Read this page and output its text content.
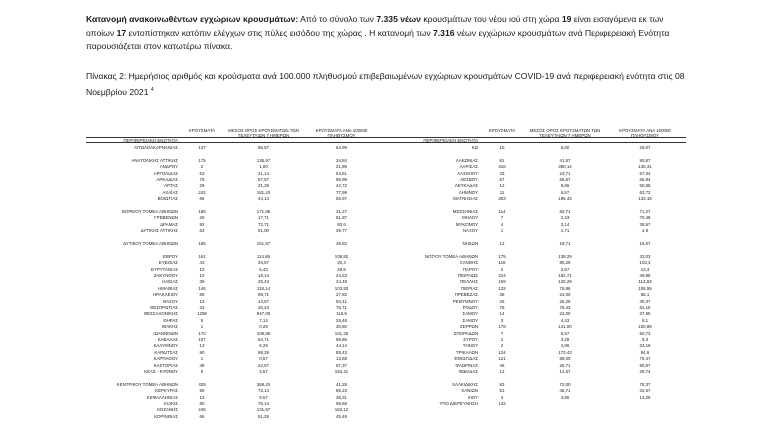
Κατανομή ανακοινωθέντων εγχώριων κρουσμάτων: Από το σύνολο των 7.335 νέων κρουσμάτων του νέου ιού στη χώρα 19 είναι εισαγόμενα εκ των οποίων 17 εντοπίστηκαν κατόπιν ελέγχων στις πύλες εισόδου της χώρας . Η κατανομή των 7.316 νέων εγχώριων κρουσμάτων ανά Περιφερειακή Ενότητα παρουσιάζεται στον κατωτέρω πίνακα.
Πίνακας 2: Ημερήσιος αριθμός και κρούσματα ανά 100.000 πληθυσμού επιβεβαιωμένων εγχώριων κρουσμάτων COVID-19 ανά περιφερειακή ενότητα στις 08 Νοεμβρίου 2021 $^4$
ΠΕΡΙΦΕΡΕΙΑΚΗ ΕΝΟΤΗΤΑ
ΚΡΟΥΣΜΑΤΑ	ΜΕΣΟΣ ΟΡΟΣ ΚΡΟΥΣΜΑΤΩΝ ΤΩΝ ΤΕΛΕΥΤΑΙΩΝ 7 ΗΜΕΡΩΝ
ΚΡΟΥΣΜΑΤΑ ΑΝΑ 100000 ΠΛΗΘΥΣΜΟΥ
ΠΕΡΙΦΕΡΕΙΑΚΗ ΕΝΟΤΗΤΑ
ΚΡΟΥΣΜΑΤΑ	ΜΕΣΟΣ ΟΡΟΣ ΚΡΟΥΣΜΑΤΩΝ ΤΩΝ ΤΕΛΕΥΤΑΙΩΝ 7 ΗΜΕΡΩΝ
ΚΡΟΥΣΜΑΤΑ ΑΝΑ 100000 ΠΛΗΘΥΣΜΟΥ
ΑΙΤΩΛΟΑΚΑΡΝΑΝΙΑΣ	137	96,57	64,99
ΑΝΑΤΟΛΙΚΗΣ ΑΤΤΙΚΗΣ	175	136,57	34,84
ΑΝΔΡΟΥ	2	1,00	21,89
ΑΡΓΟΛΙΔΑΣ	53	41,14	54,61
ΑΡΚΑΔΙΑΣ	78	57,57	89,98
ΑΡΤΑΣ	29	21,29	42,72
ΑΧΑΪΑΣ	242	181,43	77,99
ΒΟΙΩΤΙΑΣ	66	44,14	55,97
ΒΟΡΕΙΟΥ ΤΟΜΕΑ ΑΘΗΝΩΝ	189	171,86	31,27
ΓΡΕΒΕΝΩΝ	26	17,71	81,87
ΔΡΑΜΑΣ	92	72,71	93,6
ΔΥΤΙΚΗΣ ΑΤΤΙΚΗΣ	64	51,00	39,77
ΔΥΤΙΚΟΥ ΤΟΜΕΑ ΑΘΗΝΩΝ	195	161,57	39,82
ΕΒΡΟΥ	161	114,86	108,82
ΕΥΒΟΙΑΣ	43	34,57	20,4
ΕΥΡΥΤΑΝΙΑΣ	10	5,43	49,6
ΖΑΚΥΝΘΟΥ	10	18,14	24,53
ΗΛΕΙΑΣ	39	25,43	24,48
ΗΜΑΘΙΑΣ	146	118,14	103,83
ΗΡΑΚΛΕΙΟΥ	85	89,71	27,82
ΘΑΣΟΥ	13	13,57	94,41
ΘΕΣΠΡΩΤΙΑΣ	33	20,43	75,71
ΘΕΣΣΑΛΟΝΙΚΗΣ	1298	947,00	116,9
ΘΗΡΑΣ	5	7,14	28,48
ΙΘΑΚΗΣ	1	0,29	30,80
ΙΩΑΝΝΙΝΩΝ	170	108,86	101,25
ΚΑΒΑΛΑΣ	107	64,71	89,86
ΚΑΛΥΜΝΟΥ	13	6,29	44,14
ΚΑΡΔΙΤΣΑΣ	90	98,29	85,43
ΚΑΡΠΑΘΟΥ	1	0,57	13,68
ΚΑΣΤΟΡΙΑΣ	49	22,57	97,37
ΚΕΑΣ - ΚΥΘΝΟΥ	6	3,57	153,41
ΚΕΝΤΡΙΚΟΥ ΤΟΜΕΑ ΑΘΗΝΩΝ	425	368,43	41,28
ΚΕΡΚΥΡΑΣ	90	72,14	86,23
ΚΕΦΑΛΛΗΝΙΑΣ	13	9,57	36,31
ΚΙΛΚΙΣ	80	76,14	99,68
ΚΟΖΑΝΗΣ	245	131,57	163,12
ΚΟΡΙΝΘΙΑΣ	66	51,29	45,49
ΚΩ	10	6,00	29,07
ΛΑΚΩΝΙΑΣ	81	41,57	90,87
ΛΑΡΙΣΑΣ	416	380,14	146,31
ΛΑΣΙΘΙΟΥ	43	23,71	57,04
ΛΕΣΒΟΥ	57	68,57	65,94
ΛΕΥΚΑΔΑΣ	12	8,86	50,65
ΛΗΜΝΟΥ	11	6,57	63,72
ΜΑΓΝΗΣΙΑΣ	253	195,43	133,15
ΜΕΣΣΗΝΙΑΣ	114	82,71	71,27
ΜΗΛΟΥ	7	2,43	70,48
ΜΥΚΟΝΟΥ	4	3,14	39,67
ΝΑΞΟΥ	1	1,71	4,8
ΝΗΣΩΝ	12	18,71	16,07
ΝΟΤΙΟΥ ΤΟΜΕΑ ΑΘΗΝΩΝ	175	138,29	33,03
ΞΑΝΘΗΣ	115	80,29	103,4
ΠΑΡΟΥ	2	3,57	13,4
ΠΕΙΡΑΙΩΣ	224	182,71	49,89
ΠΕΛΛΗΣ	159	125,29	113,83
ΠΙΕΡΙΑΣ	132	78,86	106,55
ΠΡΕΒΕΖΑΣ	38	24,00	66,1
ΡΕΘΥΜΝΟΥ	26	26,29	30,37
ΡΟΔΟΥ	78	76,43	62,15
ΣΑΜΟΥ	14	24,00	37,55
ΣΑΜΟΥ	3	4,43	9,1
ΣΕΡΡΩΝ	178	141,00	100,89
ΣΠΟΡΑΔΩΝ	7	6,57	50,73
ΣΥΡΟΥ	2	3,29	9,3
ΤΗΝΟΥ	2	2,86	23,16
ΤΡΙΚΑΛΩΝ	124	173,43	94,6
ΦΘΙΩΤΙΔΑΣ	121	88,00	76,47
ΦΛΩΡΙΝΑΣ	46	26,71	90,57
ΦΩΚΙΔΑΣ	12	14,57	29,74
ΧΑΛΚΙΔΙΚΗΣ	83	72,00	78,37
ΧΑΝΙΩΝ	51	45,71	32,57
ΧΙΟΥ	4	4,86	13,29
ΥΠΟ ΔΙΕΡΕΥΝΗΣΗ	132
